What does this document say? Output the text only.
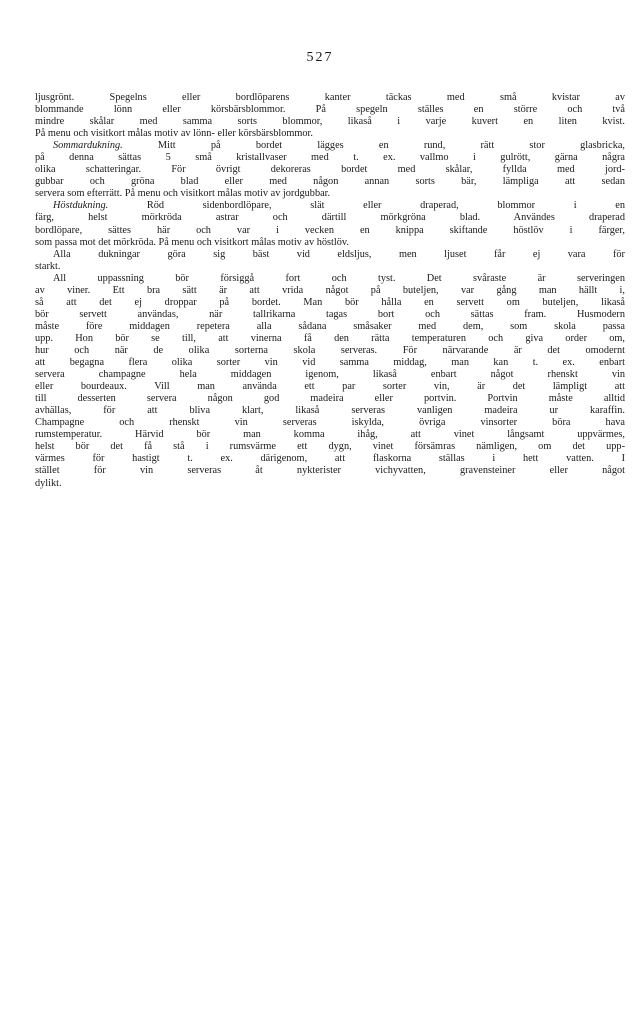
527
ljusgrönt. Spegelns eller bordlöparens kanter täckas med små kvistar av
blommande lönn eller körsbärsblommor. På spegeln ställes en större och två
mindre skålar med samma sorts blommor, likaså i varje kuvert en liten kvist.
På menu och visitkort målas motiv av lönn- eller körsbärsblommor.
Sommardukning. Mitt på bordet lägges en rund, rätt stor glasbricka,
på denna sättas 5 små kristallvaser med t. ex. vallmo i gulrött, gärna några
olika schatteringar. För övrigt dekoreras bordet med skålar, fyllda med jord-
gubbar och gröna blad eller med någon annan sorts bär, lämpliga att sedan
servera som efterrätt. På menu och visitkort målas motiv av jordgubbar.
Höstdukning. Röd sidenbordlöpare, slät eller draperad, blommor i en
färg, helst mörkröda astrar och därtill mörkgröna blad. Användes draperad
bordlöpare, sättes här och var i vecken en knippa skiftande höstlöv i färger,
som passa mot det mörkröda. På menu och visitkort målas motiv av höstlöv.
Alla dukningar göra sig bäst vid eldsljus, men ljuset får ej vara för
starkt.
All uppassning bör försiggå fort och tyst. Det svåraste är serveringen
av viner. Ett bra sätt är att vrida något på buteljen, var gång man hällt i,
så att det ej droppar på bordet. Man bör hålla en servett om buteljen, likaså
bör servett användas, när tallrikarna tagas bort och sättas fram. Husmodern
måste före middagen repetera alla sådana småsaker med dem, som skola passa
upp. Hon bör se till, att vinerna få den rätta temperaturen och giva order om,
hur och när de olika sorterna skola serveras. För närvarande är det omodernt
att begagna flera olika sorter vin vid samma middag, man kan t. ex. enbart
servera champagne hela middagen igenom, likaså enbart något rhenskt vin
eller bourdeaux. Vill man använda ett par sorter vin, är det lämpligt att
till desserten servera någon god madeira eller portvin. Portvin måste alltid
avhällas, för att bliva klart, likaså serveras vanligen madeira ur karaffin.
Champagne och rhenskt vin serveras iskylda, övriga vinsorter böra hava
rumstemperatur. Härvid bör man komma ihåg, att vinet långsamt uppvärmes,
helst bör det få stå i rumsvärme ett dygn, vinet försämras nämligen, om det upp-
värmes för hastigt t. ex. därigenom, att flaskorna ställas i hett vatten. I
stället för vin serveras åt nykterister vichyvatten, gravensteiner eller något
dylikt.
